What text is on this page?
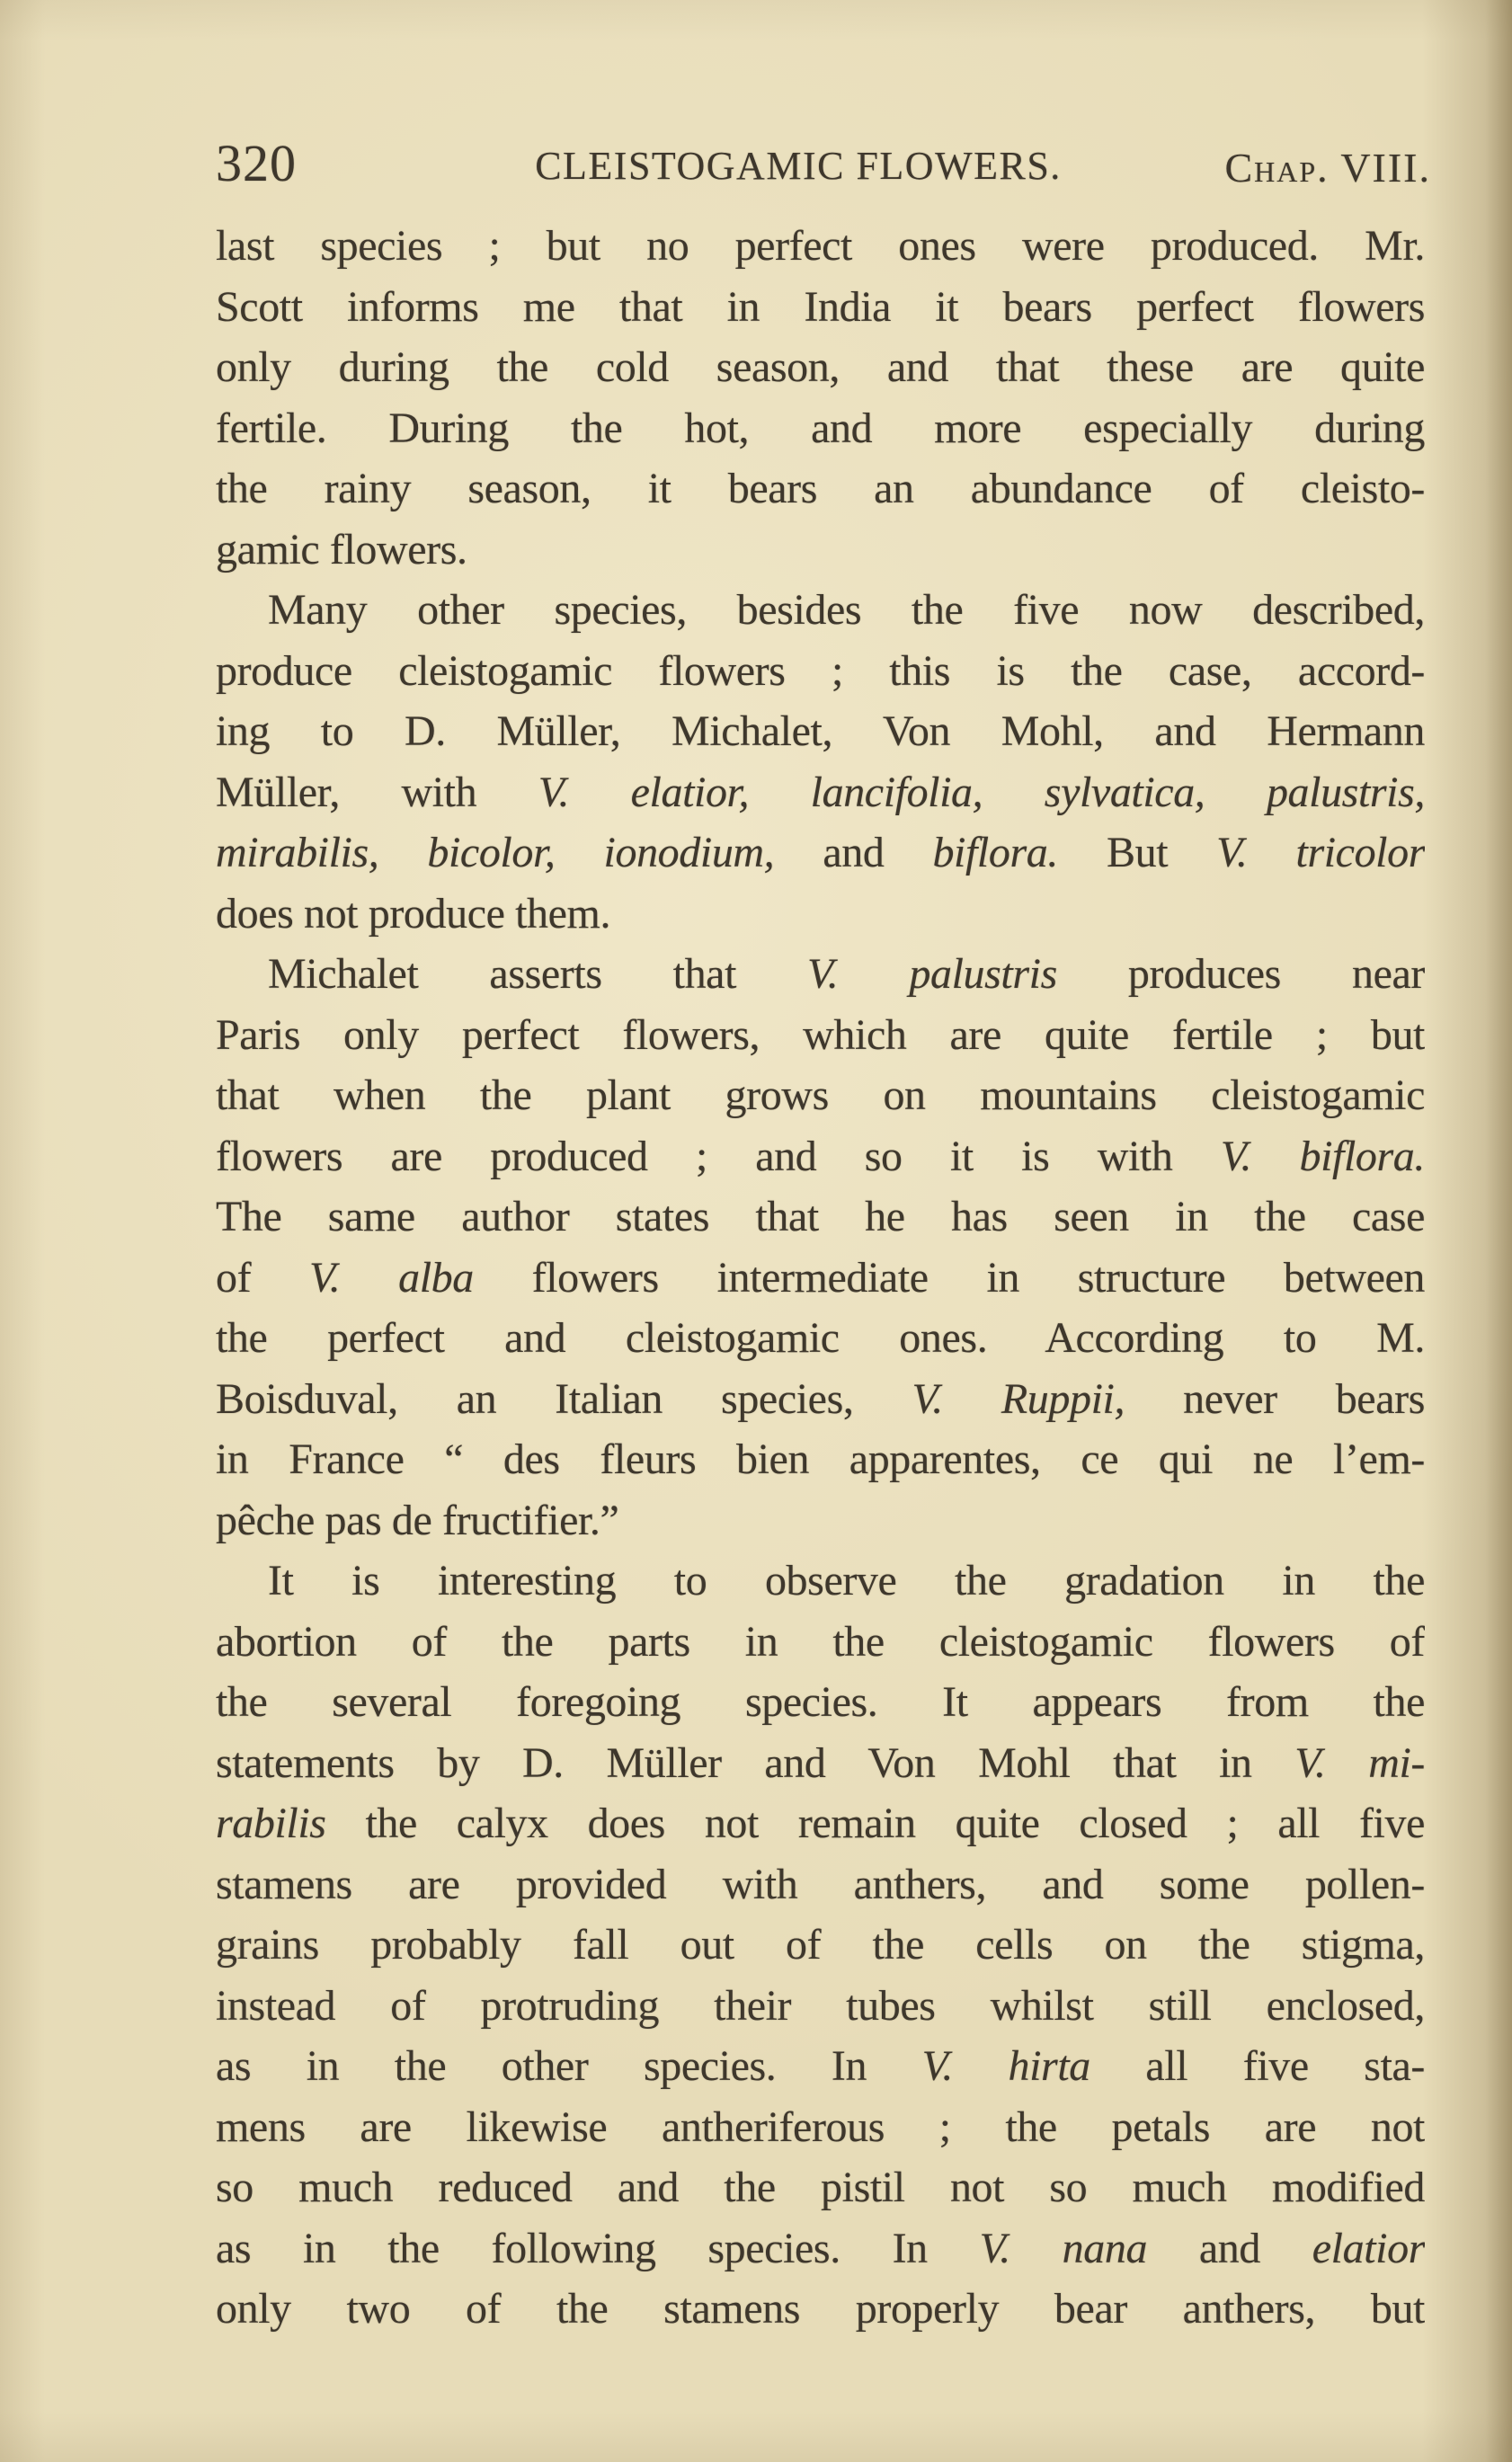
320	CLEISTOGAMIC FLOWERS.	Chap. VIII.
last species ; but no perfect ones were produced. Mr.
Scott informs me that in India it bears perfect flowers
only during the cold season, and that these are quite
fertile. During the hot, and more especially during
the rainy season, it bears an abundance of cleisto-
gamic flowers.
Many other species, besides the five now described,
produce cleistogamic flowers ; this is the case, accord-
ing to D. Müller, Michalet, Von Mohl, and Hermann
Müller, with V. elatior, lancifolia, sylvatica, palustris,
mirabilis, bicolor, ionodium, and biflora. But V. tricolor
does not produce them.
Michalet asserts that V. palustris produces near
Paris only perfect flowers, which are quite fertile ; but
that when the plant grows on mountains cleistogamic
flowers are produced ; and so it is with V. biflora.
The same author states that he has seen in the case
of V. alba flowers intermediate in structure between
the perfect and cleistogamic ones. According to M.
Boisduval, an Italian species, V. Ruppii, never bears
in France “ des fleurs bien apparentes, ce qui ne l’em-
pêche pas de fructifier.”
It is interesting to observe the gradation in the
abortion of the parts in the cleistogamic flowers of
the several foregoing species. It appears from the
statements by D. Müller and Von Mohl that in V. mi-
rabilis the calyx does not remain quite closed ; all five
stamens are provided with anthers, and some pollen-
grains probably fall out of the cells on the stigma,
instead of protruding their tubes whilst still enclosed,
as in the other species. In V. hirta all five sta-
mens are likewise antheriferous ; the petals are not
so much reduced and the pistil not so much modified
as in the following species. In V. nana and elatior
only two of the stamens properly bear anthers, but
